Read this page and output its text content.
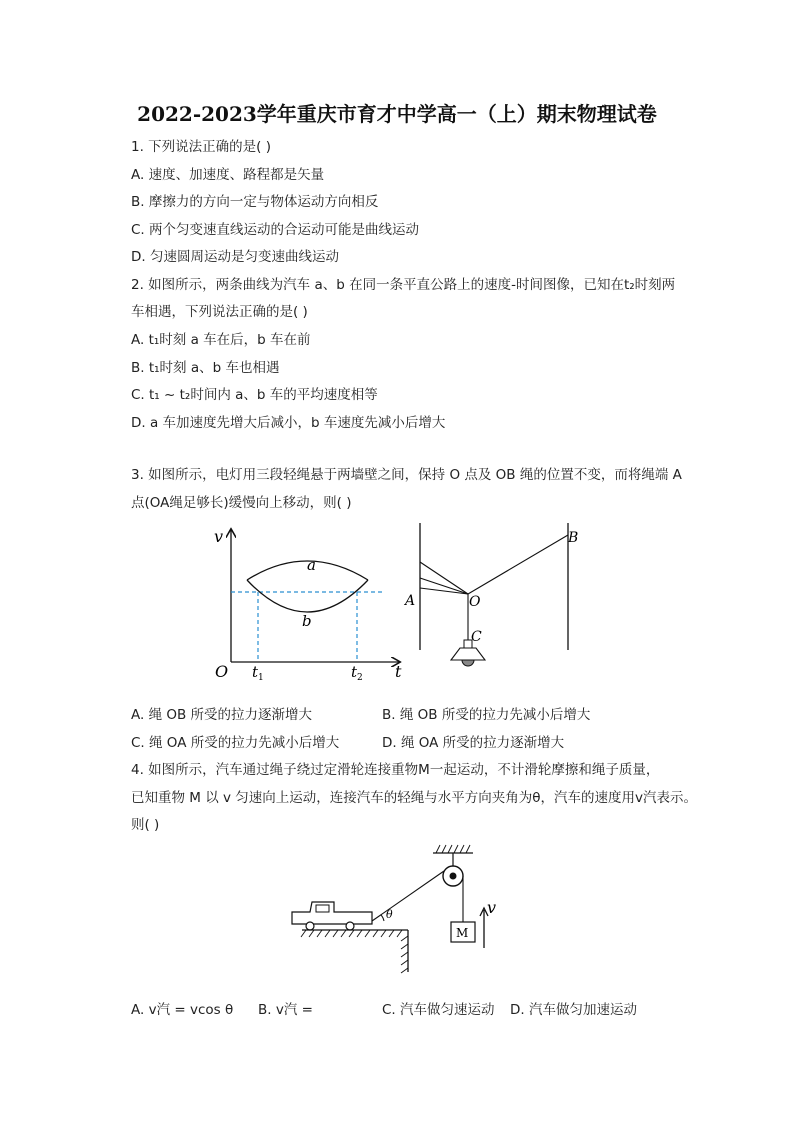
2022-2023学年重庆市育才中学高一（上）期末物理试卷
1. 下列说法正确的是( )
A. 速度、加速度、路程都是矢量
B. 摩擦力的方向一定与物体运动方向相反
C. 两个匀变速直线运动的合运动可能是曲线运动
D. 匀速圆周运动是匀变速曲线运动
2. 如图所示，两条曲线为汽车 a、b 在同一条平直公路上的速度-时间图像，已知在t₂时刻两
车相遇，下列说法正确的是( )
A. t₁时刻 a 车在后，b 车在前
B. t₁时刻 a、b 车也相遇
C. t₁ ~ t₂时间内 a、b 车的平均速度相等
D. a 车加速度先增大后减小，b 车速度先减小后增大
3. 如图所示，电灯用三段轻绳悬于两墙壁之间，保持 O 点及 OB 绳的位置不变，而将绳端 A
点(OA绳足够长)缓慢向上移动，则( )
v
t
O
a
b
$t_1$	$t_2$
A
B
O
C
A. 绳 OB 所受的拉力逐渐增大	B. 绳 OB 所受的拉力先减小后增大
C. 绳 OA 所受的拉力先减小后增大	D. 绳 OA 所受的拉力逐渐增大
4. 如图所示，汽车通过绳子绕过定滑轮连接重物M一起运动，不计滑轮摩擦和绳子质量，
已知重物 M 以 v 匀速向上运动，连接汽车的轻绳与水平方向夹角为θ，汽车的速度用v汽表示。
则( )
M
v
θ
A. v汽 = vcos θ B. v汽 =	C. 汽车做匀速运动 D. 汽车做匀加速运动
